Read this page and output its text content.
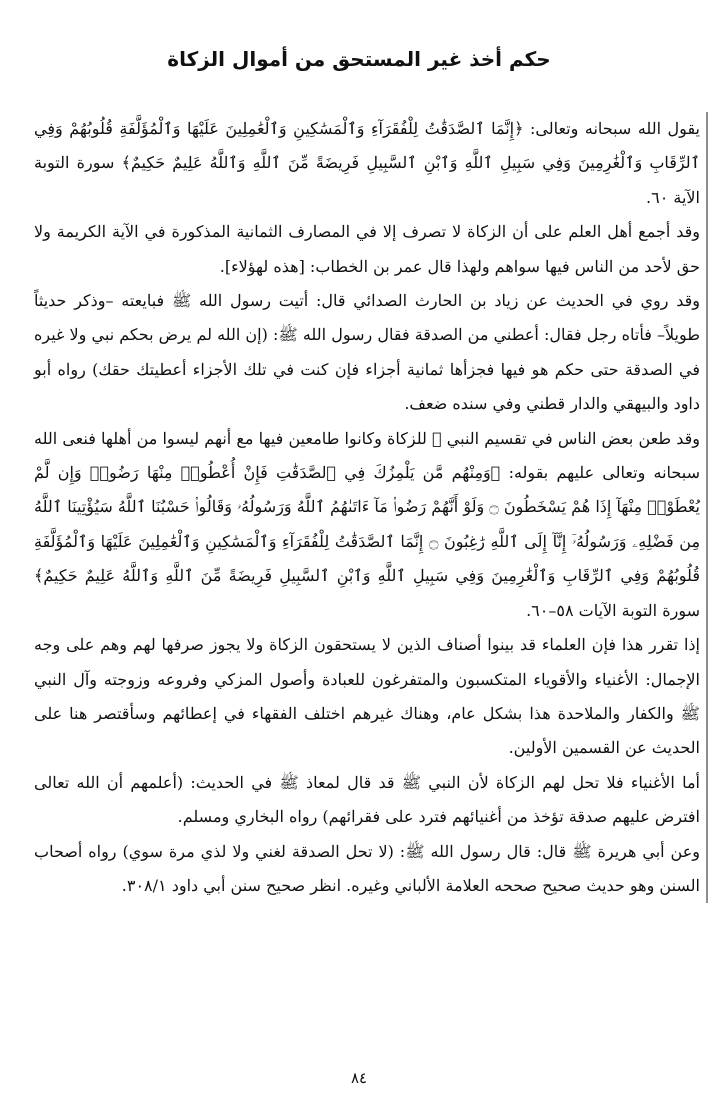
حكم أخذ غير المستحق من أموال الزكاة

يقول الله سبحانه وتعالى: ﴿إِنَّمَا ٱلصَّدَقَٰتُ لِلْفُقَرَآءِ وَٱلْمَسَٰكِينِ وَٱلْعَٰمِلِينَ عَلَيْهَا وَٱلْمُؤَلَّفَةِ قُلُوبُهُمْ وَفِي ٱلرِّقَابِ وَٱلْغَٰرِمِينَ وَفِي سَبِيلِ ٱللَّهِ وَٱبْنِ ٱلسَّبِيلِ فَرِيضَةً مِّنَ ٱللَّهِ وَٱللَّهُ عَلِيمٌ حَكِيمٌ﴾ سورة التوبة الآية ٦٠.

وقد أجمع أهل العلم على أن الزكاة لا تصرف إلا في المصارف الثمانية المذكورة في الآية الكريمة ولا حق لأحد من الناس فيها سواهم ولهذا قال عمر بن الخطاب: [هذه لهؤلاء].

وقد روي في الحديث عن زياد بن الحارث الصدائي قال: أتيت رسول الله ﷺ فبايعته –وذكر حديثاً طويلاً– فأتاه رجل فقال: أعطني من الصدقة فقال رسول الله ﷺ: (إن الله لم يرض بحكم نبي ولا غيره في الصدقة حتى حكم هو فيها فجزأها ثمانية أجزاء فإن كنت في تلك الأجزاء أعطيتك حقك) رواه أبو داود والبيهقي والدار قطني وفي سنده ضعف.

وقد طعن بعض الناس في تقسيم النبي ﷺ للزكاة وكانوا طامعين فيها مع أنهم ليسوا من أهلها فنعى الله سبحانه وتعالى عليهم بقوله: ﴿وَمِنْهُم مَّن يَلْمِزُكَ فِي ٱلصَّدَقَٰتِ فَإِنْ أُعْطُوا۟ مِنْهَا رَضُوا۟ وَإِن لَّمْ يُعْطَوْا۟ مِنْهَآ إِذَا هُمْ يَسْخَطُونَ ۝ وَلَوْ أَنَّهُمْ رَضُوا۟ مَآ ءَاتَىٰهُمُ ٱللَّهُ وَرَسُولُهُۥ وَقَالُوا۟ حَسْبُنَا ٱللَّهُ سَيُؤْتِينَا ٱللَّهُ مِن فَضْلِهِۦ وَرَسُولُهُۥٓ إِنَّآ إِلَى ٱللَّهِ رَٰغِبُونَ ۝ إِنَّمَا ٱلصَّدَقَٰتُ لِلْفُقَرَآءِ وَٱلْمَسَٰكِينِ وَٱلْعَٰمِلِينَ عَلَيْهَا وَٱلْمُؤَلَّفَةِ قُلُوبُهُمْ وَفِي ٱلرِّقَابِ وَٱلْغَٰرِمِينَ وَفِي سَبِيلِ ٱللَّهِ وَٱبْنِ ٱلسَّبِيلِ فَرِيضَةً مِّنَ ٱللَّهِ وَٱللَّهُ عَلِيمٌ حَكِيمٌ﴾ سورة التوبة الآيات ٥٨–٦٠.

إذا تقرر هذا فإن العلماء قد بينوا أصناف الذين لا يستحقون الزكاة ولا يجوز صرفها لهم وهم على وجه الإجمال: الأغنياء والأقوياء المتكسبون والمتفرغون للعبادة وأصول المزكي وفروعه وزوجته وآل النبي ﷺ والكفار والملاحدة هذا بشكل عام، وهناك غيرهم اختلف الفقهاء في إعطائهم وسأقتصر هنا على الحديث عن القسمين الأولين.

أما الأغنياء فلا تحل لهم الزكاة لأن النبي ﷺ قد قال لمعاذ ﷺ في الحديث: (أعلمهم أن الله تعالى افترض عليهم صدقة تؤخذ من أغنيائهم فترد على فقرائهم) رواه البخاري ومسلم.

وعن أبي هريرة ﷺ قال: قال رسول الله ﷺ: (لا تحل الصدقة لغني ولا لذي مرة سوي) رواه أصحاب السنن وهو حديث صحيح صححه العلامة الألباني وغيره. انظر صحيح سنن أبي داود ٣٠٨/١.

٨٤
